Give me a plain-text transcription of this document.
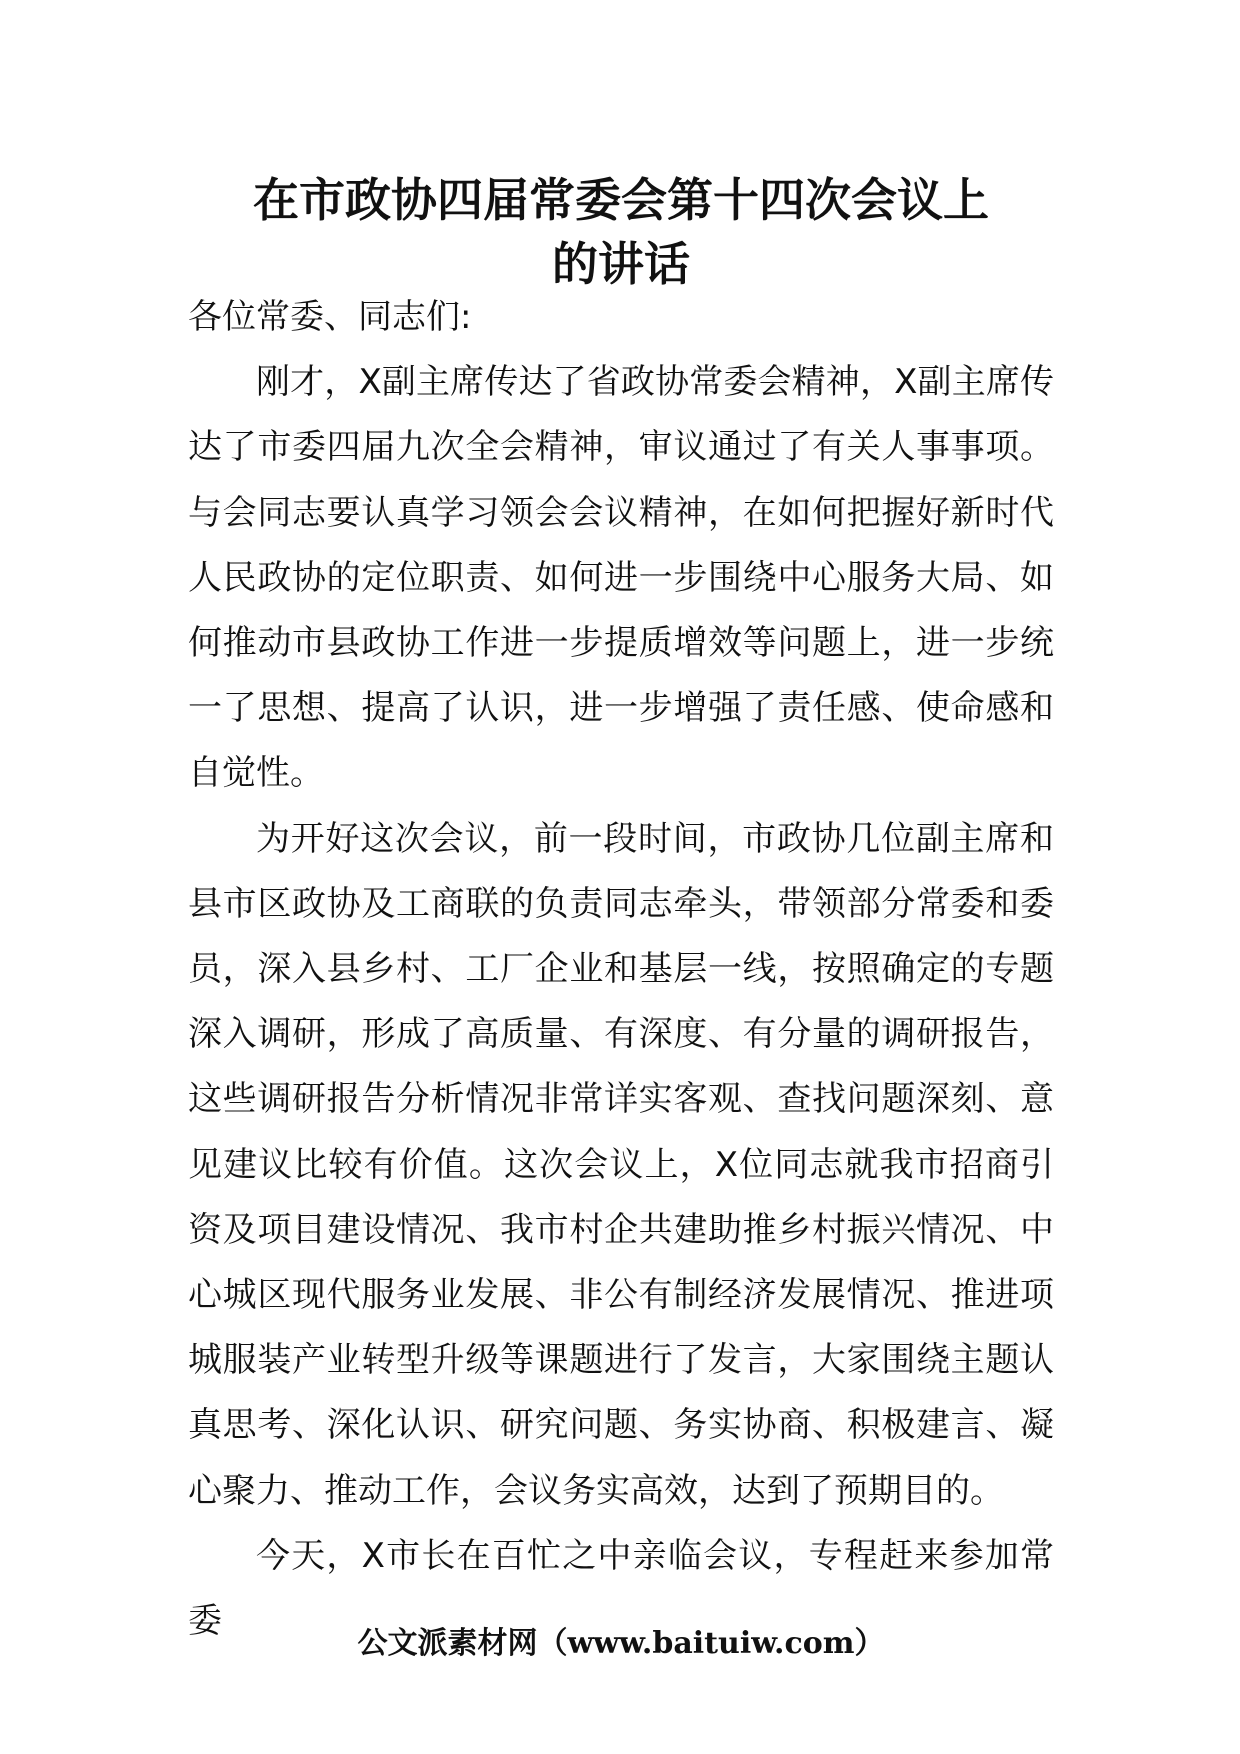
在市政协四届常委会第十四次会议上
的讲话

各位常委、同志们:

刚才，X副主席传达了省政协常委会精神，X副主席传达了市委四届九次全会精神，审议通过了有关人事事项。与会同志要认真学习领会会议精神，在如何把握好新时代人民政协的定位职责、如何进一步围绕中心服务大局、如何推动市县政协工作进一步提质增效等问题上，进一步统一了思想、提高了认识，进一步增强了责任感、使命感和自觉性。

为开好这次会议，前一段时间，市政协几位副主席和县市区政协及工商联的负责同志牵头，带领部分常委和委员，深入县乡村、工厂企业和基层一线，按照确定的专题深入调研，形成了高质量、有深度、有分量的调研报告，这些调研报告分析情况非常详实客观、查找问题深刻、意见建议比较有价值。这次会议上，X位同志就我市招商引资及项目建设情况、我市村企共建助推乡村振兴情况、中心城区现代服务业发展、非公有制经济发展情况、推进项城服装产业转型升级等课题进行了发言，大家围绕主题认真思考、深化认识、研究问题、务实协商、积极建言、凝心聚力、推动工作，会议务实高效，达到了预期目的。

今天，X市长在百忙之中亲临会议，专程赶来参加常委

公文派素材网（www.baituiw.com）
